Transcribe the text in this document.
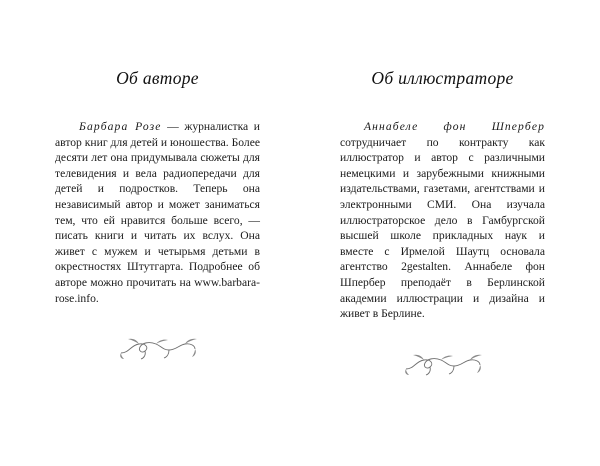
Об авторе
Барбара Розе — журналистка и автор книг для детей и юношества. Более десяти лет она придумывала сюжеты для телевидения и вела радиопередачи для детей и подростков. Теперь она независимый автор и может заниматься тем, что ей нравится больше всего, — писать книги и читать их вслух. Она живет с мужем и четырьмя детьми в окрестностях Штутгарта. Подробнее об авторе можно прочитать на www.barbara-rose.info.
Об иллюстраторе
Аннабеле фон Шпербер сотрудничает по контракту как иллюстратор и автор с различными немецкими и зарубежными книжными издательствами, газетами, агентствами и электронными СМИ. Она изучала иллюстраторское дело в Гамбургской высшей школе прикладных наук и вместе с Ирмелой Шаутц основала агентство 2gestalten. Аннабеле фон Шпербер преподаёт в Берлинской академии иллюстрации и дизайна и живет в Берлине.
